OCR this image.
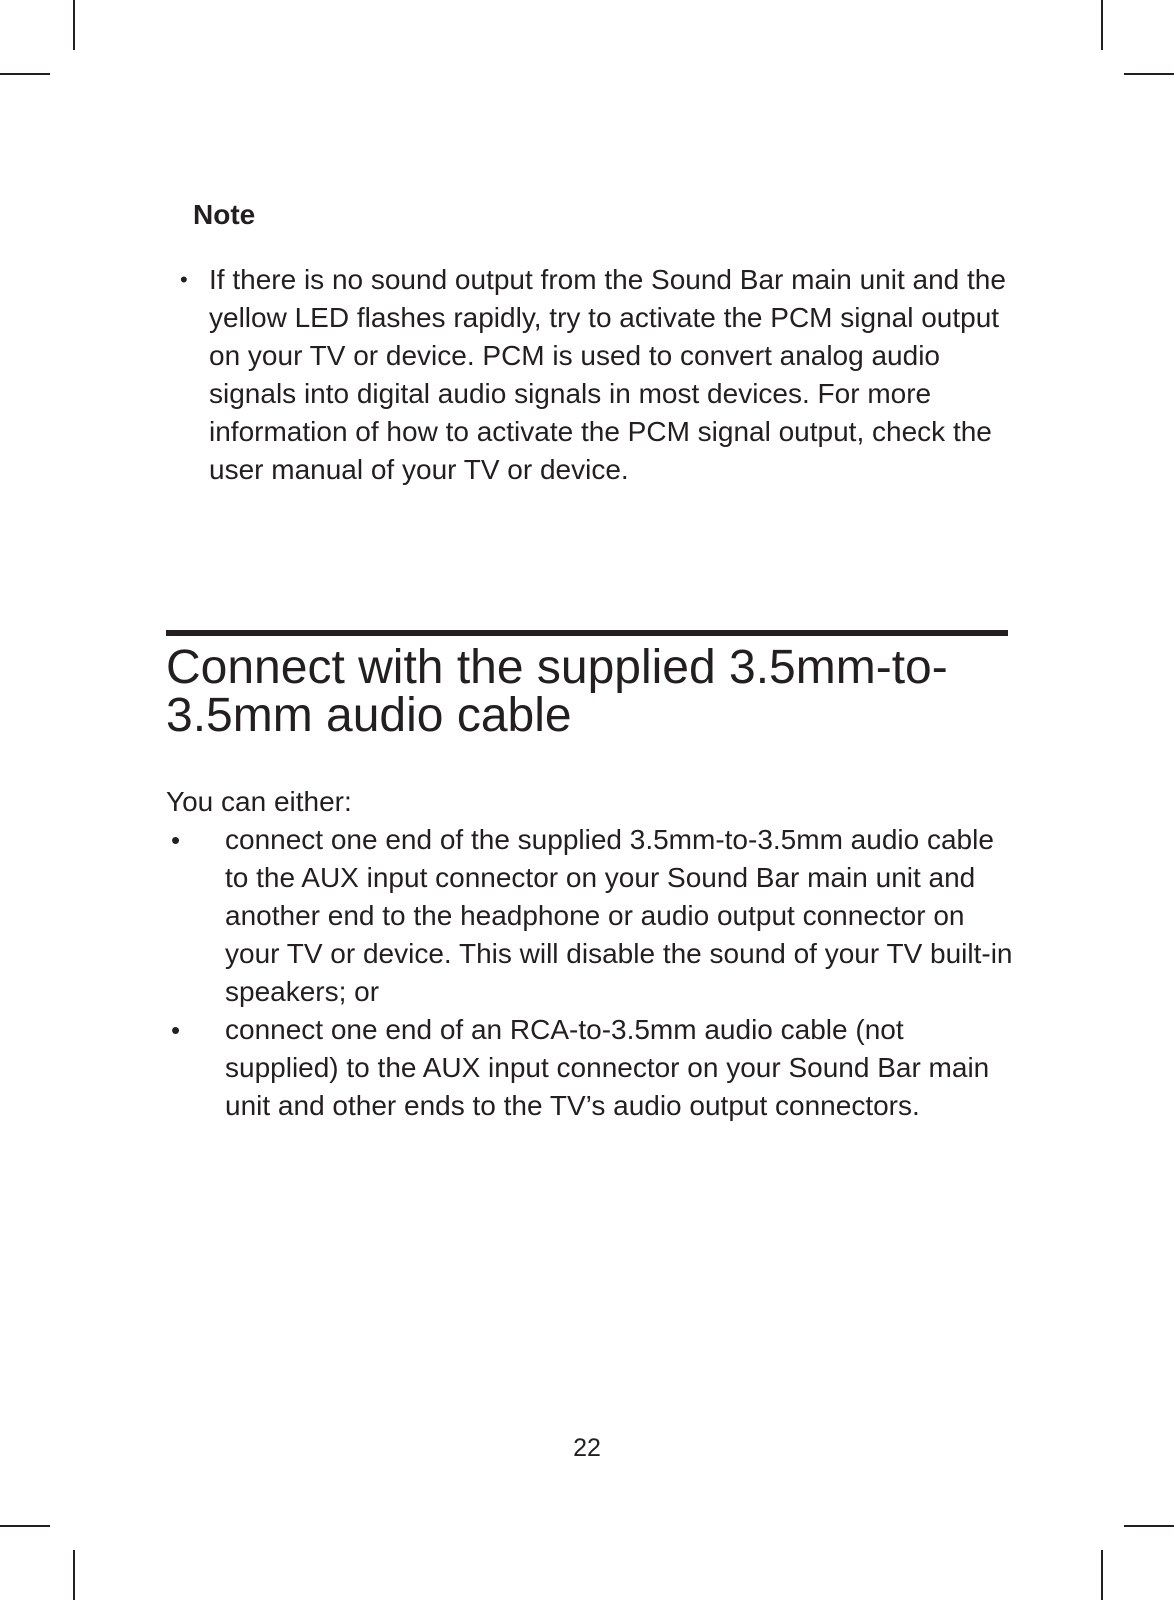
Note
• If there is no sound output from the Sound Bar main unit and the yellow LED flashes rapidly, try to activate the PCM signal output on your TV or device. PCM is used to convert analog audio signals into digital audio signals in most devices. For more information of how to activate the PCM signal output, check the user manual of your TV or device.
Connect with the supplied 3.5mm-to-3.5mm audio cable

You can either:

• connect one end of the supplied 3.5mm-to-3.5mm audio cable to the AUX input connector on your Sound Bar main unit and another end to the headphone or audio output connector on your TV or device. This will disable the sound of your TV built-in speakers; or
• connect one end of an RCA-to-3.5mm audio cable (not supplied) to the AUX input connector on your Sound Bar main unit and other ends to the TV’s audio output connectors.
22
